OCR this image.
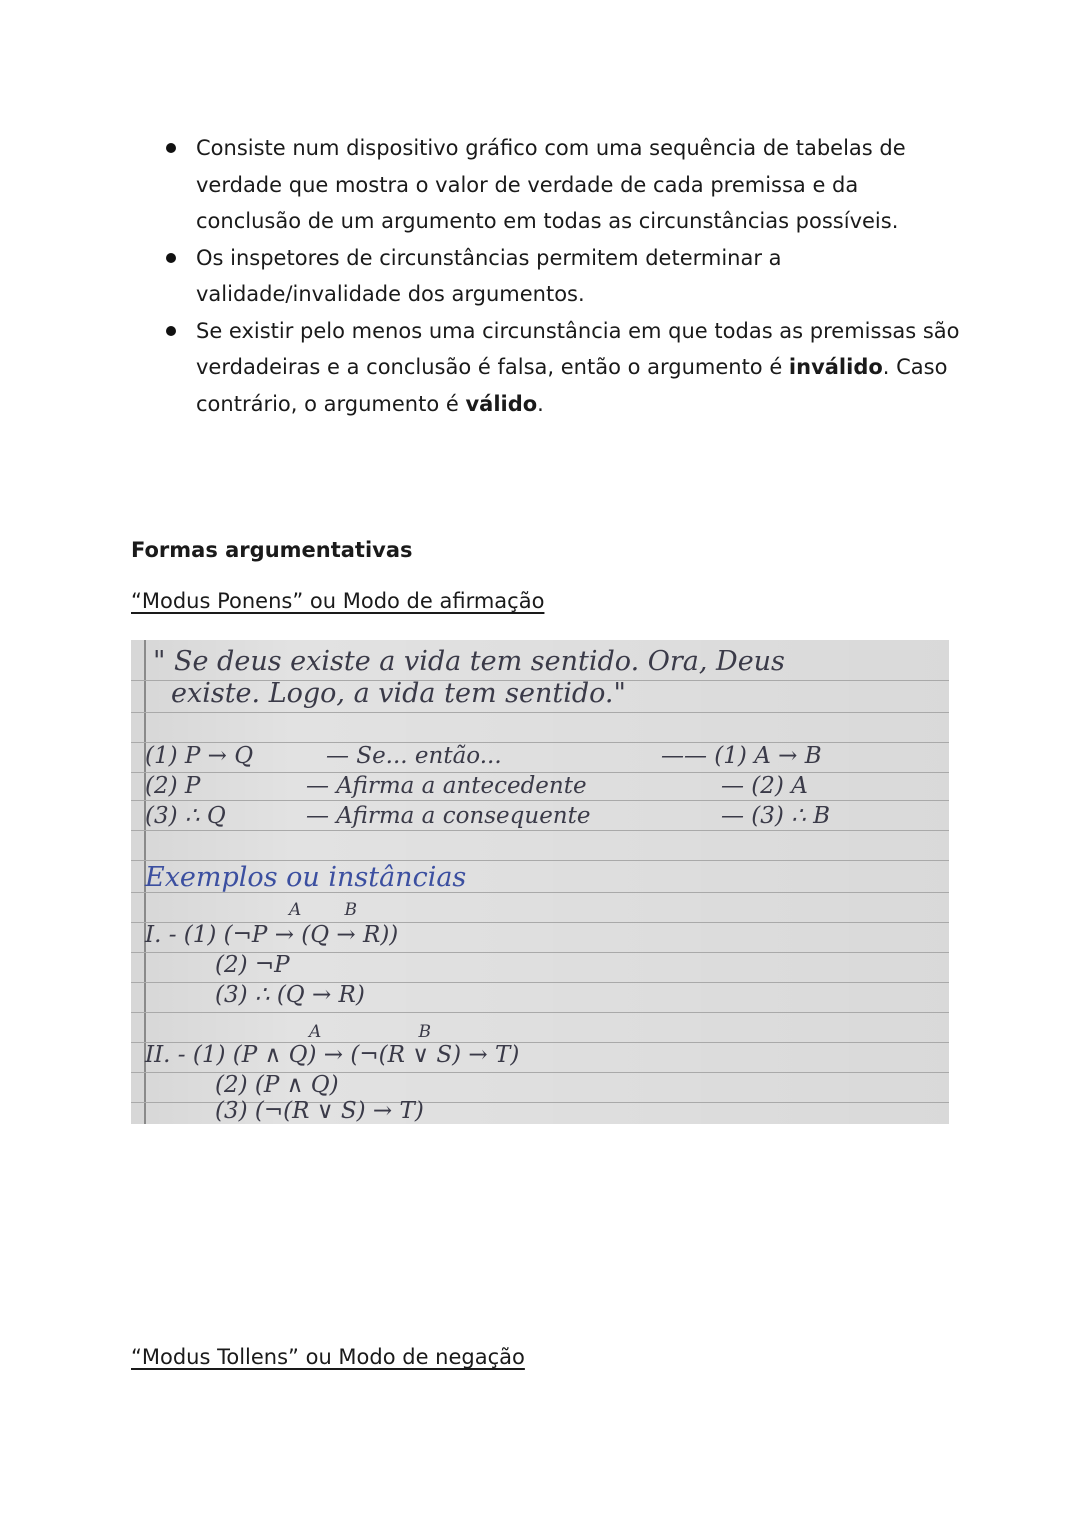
Consiste num dispositivo gráfico com uma sequência de tabelas de verdade que mostra o valor de verdade de cada premissa e da conclusão de um argumento em todas as circunstâncias possíveis.
Os inspetores de circunstâncias permitem determinar a validade/invalidade dos argumentos.
Se existir pelo menos uma circunstância em que todas as premissas são verdadeiras e a conclusão é falsa, então o argumento é inválido. Caso contrário, o argumento é válido.
Formas argumentativas
“Modus Ponens” ou Modo de afirmação
" Se deus existe a vida tem sentido. Ora, Deus
existe. Logo, a vida tem sentido."
(1) P → Q	— Se... então...	—— (1) A → B
(2) P	— Afirma a antecedente	— (2) A
(3) ∴ Q	— Afirma a consequente	— (3) ∴ B
Exemplos ou instâncias
A        B
I. - (1) (¬P → (Q → R))
(2) ¬P
(3) ∴ (Q → R)
A                  B
II. - (1) (P ∧ Q) → (¬(R ∨ S) → T)
(2) (P ∧ Q)
(3) (¬(R ∨ S) → T)
“Modus Tollens” ou Modo de negação
